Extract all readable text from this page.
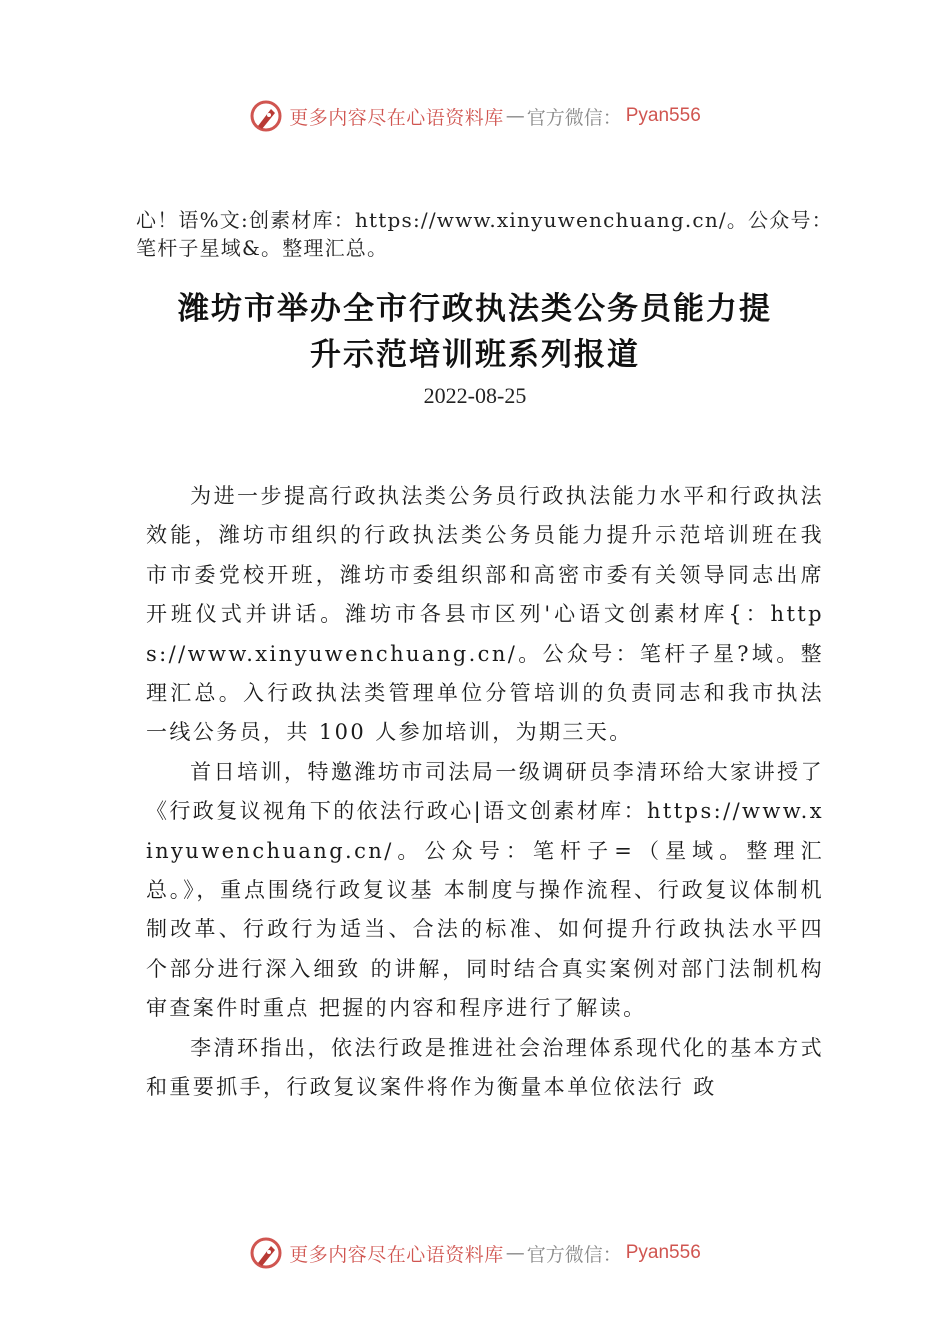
更多内容尽在心语资料库 — 官方微信： Pyan556
心！语%文:创素材库：https://www.xinyuwenchuang.cn/。公众号：笔杆子星域&。整理汇总。
潍坊市举办全市行政执法类公务员能力提
升示范培训班系列报道
2022-08-25

为进一步提高行政执法类公务员行政执法能力水平和行政执法效能，潍坊市组织的行政执法类公务员能力提升示范培训班在我市市委党校开班，潍坊市委组织部和高密市委有关领导同志出席开班仪式并讲话。潍坊市各县市区列'心语文创素材库{：https://www.xinyuwenchuang.cn/。公众号：笔杆子星?域。整理汇总。入行政执法类管理单位分管培训的负责同志和我市执法一线公务员，共 100 人参加培训，为期三天。

首日培训，特邀潍坊市司法局一级调研员李清环给大家讲授了《行政复议视角下的依法行政心|语文创素材库：https://www.xinyuwenchuang.cn/。公众号：笔杆子=（星域。整理汇总。》，重点围绕行政复议基 本制度与操作流程、行政复议体制机制改革、行政行为适当、合法的标准、如何提升行政执法水平四个部分进行深入细致 的讲解，同时结合真实案例对部门法制机构审查案件时重点 把握的内容和程序进行了解读。

李清环指出，依法行政是推进社会治理体系现代化的基本方式和重要抓手，行政复议案件将作为衡量本单位依法行 政

更多内容尽在心语资料库 — 官方微信： Pyan556
